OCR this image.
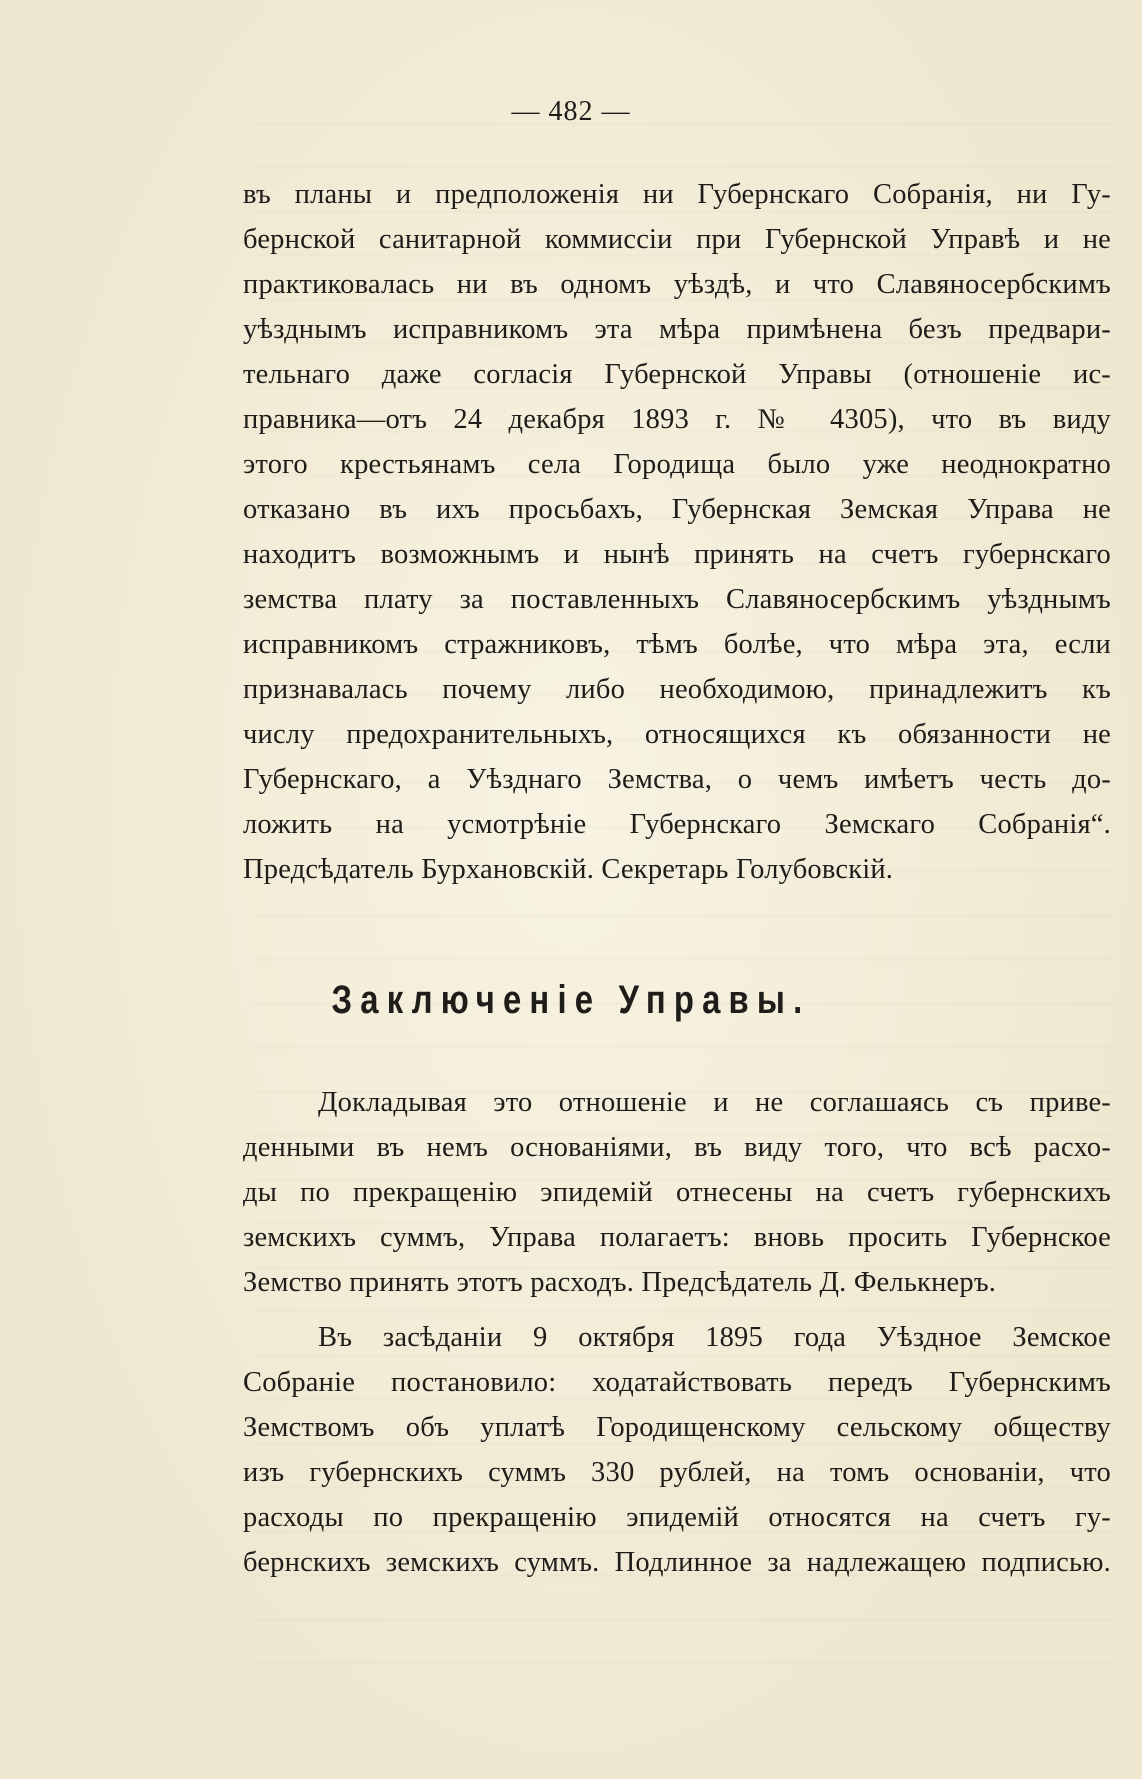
— 482 —
въ планы и предположенія ни Губернскаго Собранія, ни Гу-
бернской санитарной коммиссіи при Губернской Управѣ и не
практиковалась ни въ одномъ уѣздѣ, и что Славяносербскимъ
уѣзднымъ исправникомъ эта мѣра примѣнена безъ предвари-
тельнаго даже согласія Губернской Управы (отношеніе ис-
правника—отъ 24 декабря 1893 г. № 4305), что въ виду
этого крестьянамъ села Городища было уже неоднократно
отказано въ ихъ просьбахъ, Губернская Земская Управа не
находитъ возможнымъ и нынѣ принять на счетъ губернскаго
земства плату за поставленныхъ Славяносербскимъ уѣзднымъ
исправникомъ стражниковъ, тѣмъ болѣе, что мѣра эта, если
признавалась почему либо необходимою, принадлежитъ къ
числу предохранительныхъ, относящихся къ обязанности не
Губернскаго, а Уѣзднаго Земства, о чемъ имѣетъ честь до-
ложить на усмотрѣніе Губернскаго Земскаго Собранія“.
Предсѣдатель Бурхановскій. Секретарь Голубовскій.
Заключеніе Управы.
Докладывая это отношеніе и не соглашаясь съ приве-
денными въ немъ основаніями, въ виду того, что всѣ расхо-
ды по прекращенію эпидемій отнесены на счетъ губернскихъ
земскихъ суммъ, Управа полагаетъ: вновь просить Губернское
Земство принять этотъ расходъ. Предсѣдатель Д. Фелькнеръ.
Въ засѣданіи 9 октября 1895 года Уѣздное Земское
Собраніе постановило: ходатайствовать передъ Губернскимъ
Земствомъ объ уплатѣ Городищенскому сельскому обществу
изъ губернскихъ суммъ 330 рублей, на томъ основаніи, что
расходы по прекращенію эпидемій относятся на счетъ гу-
бернскихъ земскихъ суммъ. Подлинное за надлежащею подписью.
